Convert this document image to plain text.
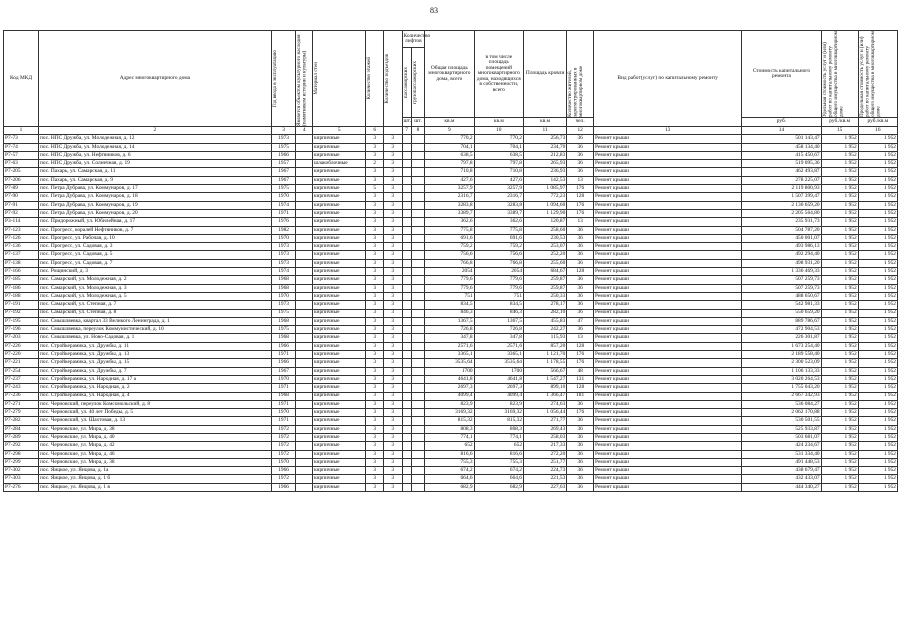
83
Код МКД	Адрес многоквартирного дома	Год ввода в эксплуатацию	Является объектом культурного наследия (памятником истории и культуры)	Материал стен	Количество этажей	Количество подъездов	Количество лифтов		Общая площадь многоквартирного дома, всего	в том числе площадь помещений многоквартирного дома, находящихся в собственности, всего	Площадь кровли	Количество жителей, зарегистрированных в многоквартирном доме	Вид работ(услуг) по капитальному ремонту	Стоимость капитального ремонта	Удельная стоимость услуг и (или) работ по капитальному ремонту общего имущества в многоквартирном доме	Предельная стоимость услуг и (или) работ по капитальному ремонту общего имущества в многоквартирном доме

							пассажирских	грузопассажирских								

							шт.	шт.	кв.м	кв.м	кв.м	чел.		руб.	руб./кв.м	руб./кв.м
1	2	3	4	5	6		7	8	9	10	11	12	13	14	15	16
Р7-73	пос. НПС Дружба, ул. Молодежная, д. 12	1973		кирпичные	3	3			770,2	770,2	256,73	36	Ремонт крыши	501 143,47	1 952	1 952
Р7-74	пос. НПС Дружба, ул. Молодежная, д. 14	1975		кирпичные	3	3			704,1	704,1	234,70	36	Ремонт крыши	458 134,40	1 952	1 952
Р7-57	пос. НПС Дружба, ул. Нефтяников, д. 6	1966		кирпичные	3	3			638,5	638,5	212,83	36	Ремонт крыши	415 450,67	1 952	1 952
Р7-63	пос. НПС Дружба, ул. Солнечная, д. 19	1957		шлакоблочные	2	3			797,8	797,8	265,93	36	Ремонт крыши	519 095,36	1 952	1 952
Р7-205	пос. Пахарь, ул. Самарская, д. 11	1967		кирпичные	3	3			710,8	710,8	236,93	36	Ремонт крыши	462 493,87	1 952	1 952
Р7-206	пос. Пахарь, ул. Самарская, д. 9	1967		кирпичные	3	3			427,6	427,6	142,53	13	Ремонт крыши	278 225,07	1 952	1 952
Р7-89	пос. Петра Дубрава, ул. Коммунаров, д. 17	1975		кирпичные	5	3			3257,9	3257,9	1 085,97	176	Ремонт крыши	2 119 800,93	1 952	1 952
Р7-90	пос. Петра Дубрава, ул. Коммунаров, д. 18	1970		кирпичные	3	3			2316,7	2316,7	772,23	128	Ремонт крыши	1 507 399,47	1 952	1 952
Р7-91	пос. Петра Дубрава, ул. Коммунаров, д. 19	1974		кирпичные	3	3			3283,8	3283,8	1 094,60	176	Ремонт крыши	2 136 659,20	1 952	1 952
Р7-92	пос. Петра Дубрава, ул. Коммунаров, д. 20	1971		кирпичные	3	3			3389,7	3389,7	1 129,90	176	Ремонт крыши	2 205 564,80	1 952	1 952
Р3-114	пос. Придорожный, ул. Юбилейная, д. 17	1976		кирпичные	3	3			362,6	362,6	120,87	13	Ремонт крыши	235 931,73	1 952	1 952
Р7-123	пос. Прогресс, коралей Нефтяников, д. 7	1982		кирпичные	3	3			775,8	775,8	258,60	36	Ремонт крыши	504 787,20	1 952	1 952
Р7-126	пос. Прогресс, ул. Рабочая, д. 10	1970		кирпичные	3	3			691,6	691,6	230,53	36	Ремонт крыши	450 001,07	1 952	1 952
Р7-136	пос. Прогресс, ул. Садовая, д. 3	1973		кирпичные	3	3			759,2	759,2	253,07	36	Ремонт крыши	493 986,13	1 952	1 952
Р7-137	пос. Прогресс, ул. Садовая, д. 5	1973		кирпичные	3	3			756,6	756,6	252,20	36	Ремонт крыши	492 294,40	1 952	1 952
Р7-138	пос. Прогресс, ул. Садовая, д. 7	1973		кирпичные	3	3			766,8	766,8	255,60	36	Ремонт крыши	498 931,20	1 952	1 952
Р7-166	пос. Рощинский, д. 3	1974		кирпичные	3	3			2054	2054	684,67	128	Ремонт крыши	1 336 469,33	1 952	1 952
Р7-185	пос. Самарский, ул. Молодежная, д. 2	1968		кирпичные	3	3			779,6	779,6	259,87	36	Ремонт крыши	507 259,73	1 952	1 952
Р7-186	пос. Самарский, ул. Молодежная, д. 3	1968		кирпичные	3	3			779,6	779,6	259,87	36	Ремонт крыши	507 259,73	1 952	1 952
Р7-188	пос. Самарский, ул. Молодежная, д. 5	1970		кирпичные	3	3			751	751	250,33	36	Ремонт крыши	488 650,67	1 952	1 952
Р7-191	пос. Самарский, ул. Степная, д. 7	1973		кирпичные	3	3			834,5	834,5	278,17	36	Ремонт крыши	542 981,33	1 952	1 952
Р7-192	пос. Самарский, ул. Степная, д. 8	1975		кирпичные	3	3			846,3	846,3	282,10	36	Ремонт крыши	550 659,20	1 952	1 952
Р7-195	пос. Смышляевка, квартал 33 Великого Ленинграда, д. 1	1968		кирпичные	3	3			1367,5	1367,5	455,83	47	Ремонт крыши	889 786,67	1 952	1 952
Р7-196	пос. Смышляевка, переулок Коммунистический, д. 10	1975		кирпичные	3	3			726,8	726,8	242,27	36	Ремонт крыши	472 904,53	1 952	1 952
Р7-203	пос. Смышляевка, ул. Ново-Садовая, д. 1	1968		кирпичные	3	3			347,8	347,8	115,93	13	Ремонт крыши	226 301,87	1 952	1 952
Р7-226	пос. Стройкерамика, ул. Дружбы, д. 11	1966		кирпичные	3	3			2571,6	2571,6	857,20	128	Ремонт крыши	1 673 254,40	1 952	1 952
Р7-220	пос. Стройкерамика, ул. Дружбы, д. 13	1971		кирпичные	3	3			3365,1	3365,1	1 121,70	176	Ремонт крыши	2 189 558,40	1 952	1 952
Р7-221	пос. Стройкерамика, ул. Дружбы, д. 15	1966		кирпичные	3	3			3535,64	3535,64	1 178,55	176	Ремонт крыши	2 300 523,09	1 952	1 952
Р7-254	пос. Стройкерамика, ул. Дружбы, д. 7	1967		кирпичные	3	3			1700	1700	566,67	48	Ремонт крыши	1 106 133,33	1 952	1 952
Р7-237	пос. Стройкерамика, ул. Народная, д. 17 а	1970		кирпичные	3	3			4641,8	4641,8	1 547,27	131	Ремонт крыши	3 020 264,53	1 952	1 952
Р7-243	пос. Стройкерамика, ул. Народная, д. 2	1971		кирпичные	3	3			2697,3	2697,3	899,10	128	Ремонт крыши	1 755 043,20	1 952	1 952
Р7-236	пос. Стройкерамика, ул. Народная, д. 4	1968		кирпичные	3	3			4099,4	4099,4	1 366,47	181	Ремонт крыши	2 667 342,93	1 952	1 952
Р7-271	пос. Черновский, переулок Комсомольский, д. 8	1971		кирпичные	3	3			823,9	823,9	274,63	36	Ремонт крыши	536 084,27	1 952	1 952
Р7-279	пос. Черновский, ул. 40 лет Победы, д. 5	1970		кирпичные	3	3			3169,32	3169,32	1 056,44	176	Ремонт крыши	2 062 170,88	1 952	1 952
Р7-282	пос. Черновский, ул. Шахтовая, д. 13	1971		кирпичные	3	3			815,32	815,32	271,77	36	Ремонт крыши	530 501,55	1 952	1 952
Р7-284	пос. Черновские, ул. Мира, д. 38	1972		кирпичные	3	3			808,3	808,3	269,43	36	Ремонт крыши	525 933,87	1 952	1 952
Р7-289	пос. Черновские, ул. Мира, д. 40	1972		кирпичные	3	3			774,1	774,1	258,03	36	Ремонт крыши	503 681,07	1 952	1 952
Р7-292	пос. Черновские, ул. Мира, д. 42	1972		кирпичные	3	3			652	652	217,33	36	Ремонт крыши	424 234,67	1 952	1 952
Р7-298	пос. Черновские, ул. Мира, д. 46	1972		кирпичные	3	3			816,6	816,6	272,20	36	Ремонт крыши	531 334,40	1 952	1 952
Р7-299	пос. Черновские, ул. Мира, д. 38	1970		кирпичные	3	3			755,3	755,3	251,77	36	Ремонт крыши	491 448,53	1 952	1 952
Р7-302	пос. Яицкое, ул. Янцова, д. 1а	1966		кирпичные	3	3			674,2	674,2	224,73	36	Ремонт крыши	438 679,47	1 952	1 952
Р7-303	пос. Яицкое, ул. Янцова, д. 1 б	1972		кирпичные	3	3			664,6	664,6	221,53	36	Ремонт крыши	432 433,07	1 952	1 952
Р7-276	пос. Яицкое, ул. Янцова, д. 1 в	1966		кирпичные	3	3			682,9	682,9	227,63	36	Ремонт крыши	444 340,27	1 952	1 952
